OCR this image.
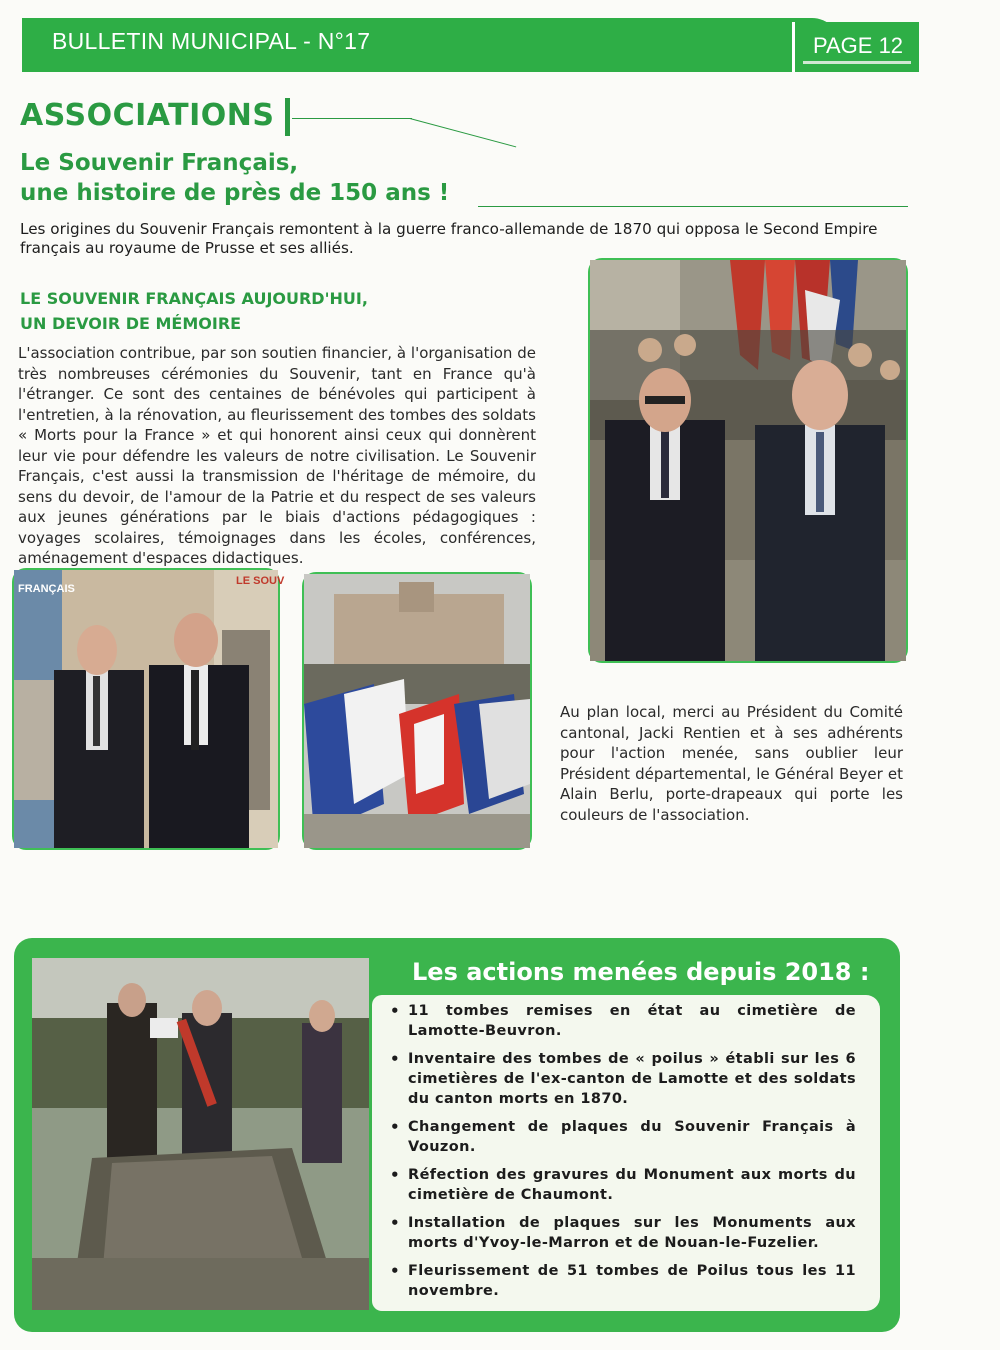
BULLETIN MUNICIPAL - N°17	PAGE 12
ASSOCIATIONS
Le Souvenir Français,
une histoire de près de 150 ans !
Les origines du Souvenir Français remontent à la guerre franco-allemande de 1870 qui opposa le Second Empire français au royaume de Prusse et ses alliés.
LE SOUVENIR FRANÇAIS AUJOURD'HUI,
UN DEVOIR DE MÉMOIRE
L'association contribue, par son soutien financier, à l'organisation de très nombreuses cérémonies du Souvenir, tant en France qu'à l'étranger. Ce sont des centaines de bénévoles qui participent à l'entretien, à la rénovation, au fleurissement des tombes des soldats « Morts pour la France » et qui honorent ainsi ceux qui donnèrent leur vie pour défendre les valeurs de notre civilisation. Le Souvenir Français, c'est aussi la transmission de l'héritage de mémoire, du sens du devoir, de l'amour de la Patrie et du respect de ses valeurs aux jeunes générations par le biais d'actions pédagogiques : voyages scolaires, témoignages dans les écoles, conférences, aménagement d'espaces didactiques.
FRANÇAIS
LE SOUV
Au plan local, merci au Président du Comité cantonal, Jacki Rentien et à ses adhérents pour l'action menée, sans oublier leur Président départemental, le Général Beyer et Alain Berlu, porte-drapeaux qui porte les couleurs de l'association.
Les actions menées depuis 2018 :
• 11 tombes remises en état au cimetière de Lamotte-Beuvron.
• Inventaire des tombes de « poilus » établi sur les 6 cimetières de l'ex-canton de Lamotte et des soldats du canton morts en 1870.
• Changement de plaques du Souvenir Français à Vouzon.
• Réfection des gravures du Monument aux morts du cimetière de Chaumont.
• Installation de plaques sur les Monuments aux morts d'Yvoy-le-Marron et de Nouan-le-Fuzelier.
• Fleurissement de 51 tombes de Poilus tous les 11 novembre.
